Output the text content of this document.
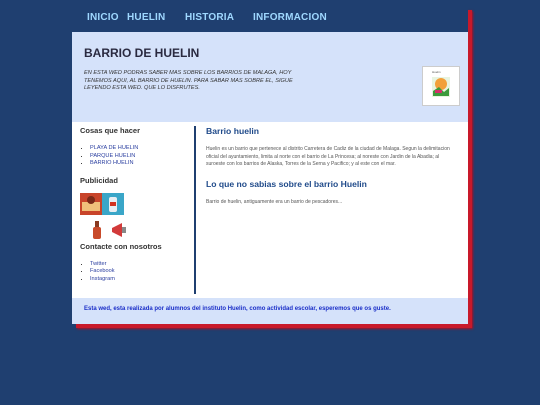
INICIO HUELIN HISTORIA INFORMACION
BARRIO DE HUELIN
EN ESTA WED PODRAS SABER MAS SOBRE LOS BARRIOS DE MALAGA, HOY TENEMOS AQUI, AL BARRIO DE HUELIN. PARA SABAR MAS SOBRE EL, SIGUE LEYENDO ESTA WED. QUE LO DISFRUTES.
Huelin
Cosas que hacer
• PLAYA DE HUELIN
• PARQUE HUELIN
• BARRIO HUELIN
Publicidad
Contacte con nosotros
• Twitter
• Facebook
• Instagram
Barrio huelin

Huelin es un barrio que pertenece al distrito Carretera de Cadiz de la ciudad de Malaga. Segun la delimitacion oficial del ayuntamiento, limita al norte con el barrio de La Princesa; al noreste con Jardin de la Abadia; al suroeste con los barrios de Alaska, Torres de la Serna y Pacifico; y al este con el mar.

Lo que no sabias sobre el barrio Huelin

Barrio de huelin, antiguamente era un barrio de pescadores...

Esta wed, esta realizada por alumnos del instituto Huelin, como actividad escolar, esperemos que os guste.
